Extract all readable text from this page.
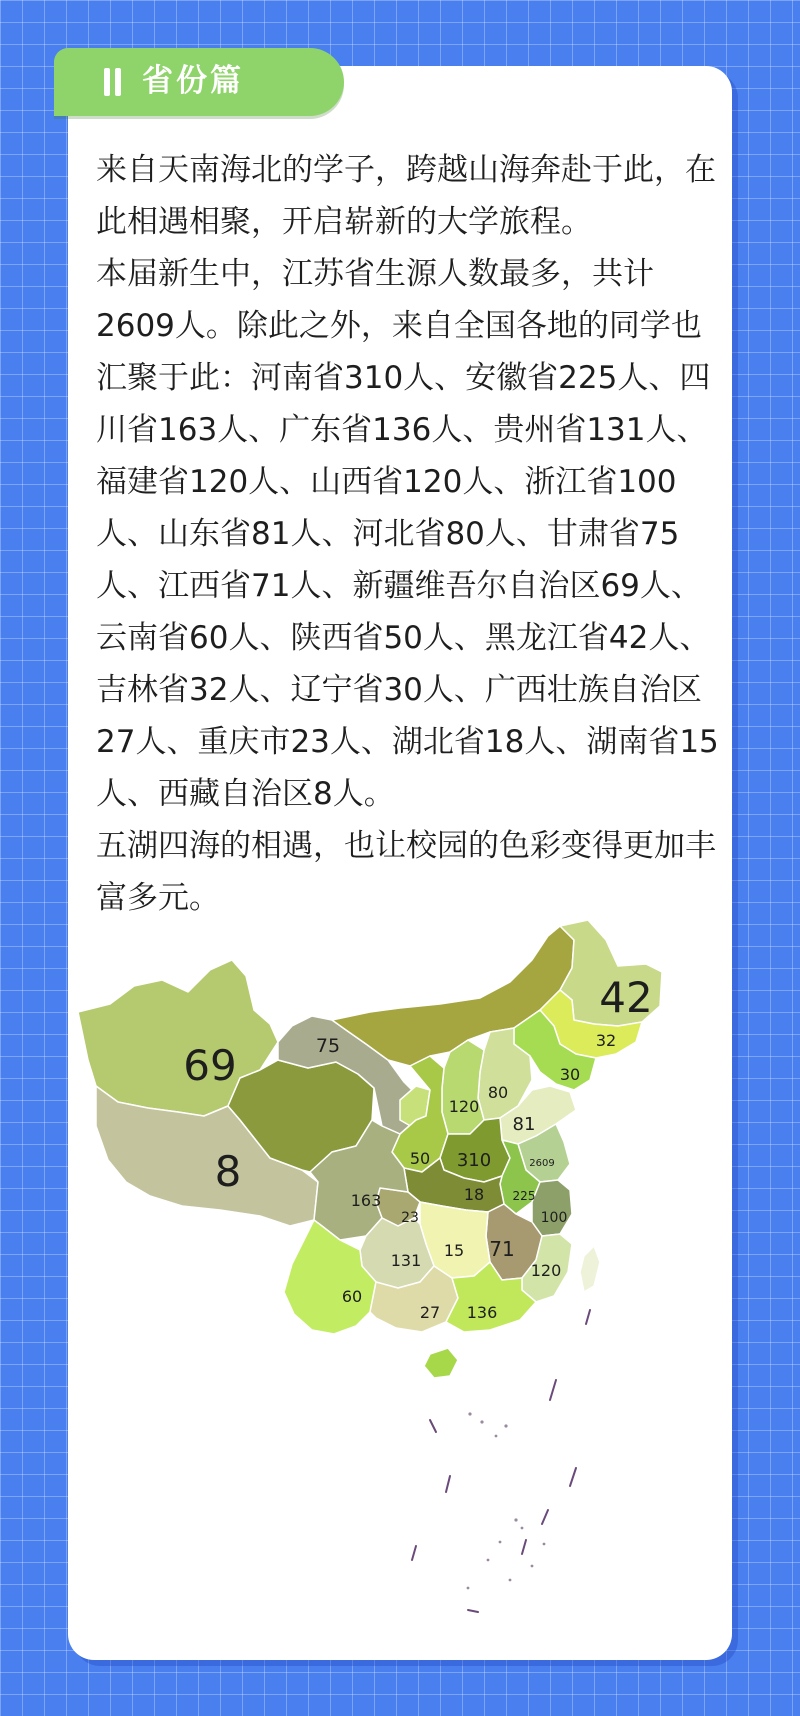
省份篇

来自天南海北的学子，跨越山海奔赴于此，在此相遇相聚，开启崭新的大学旅程。

本届新生中，江苏省生源人数最多，共计2609人。除此之外，来自全国各地的同学也汇聚于此：河南省310人、安徽省225人、四川省163人、广东省136人、贵州省131人、福建省120人、山西省120人、浙江省100人、山东省81人、河北省80人、甘肃省75人、江西省71人、新疆维吾尔自治区69人、云南省60人、陕西省50人、黑龙江省42人、吉林省32人、辽宁省30人、广西壮族自治区27人、重庆市23人、湖北省18人、湖南省15人、西藏自治区8人。

五湖四海的相遇，也让校园的色彩变得更加丰富多元。

69
8
75
42
32
30
120
80
81
50 310	2609
163	18 225
100
23
131
15 71
120
60
27 136
